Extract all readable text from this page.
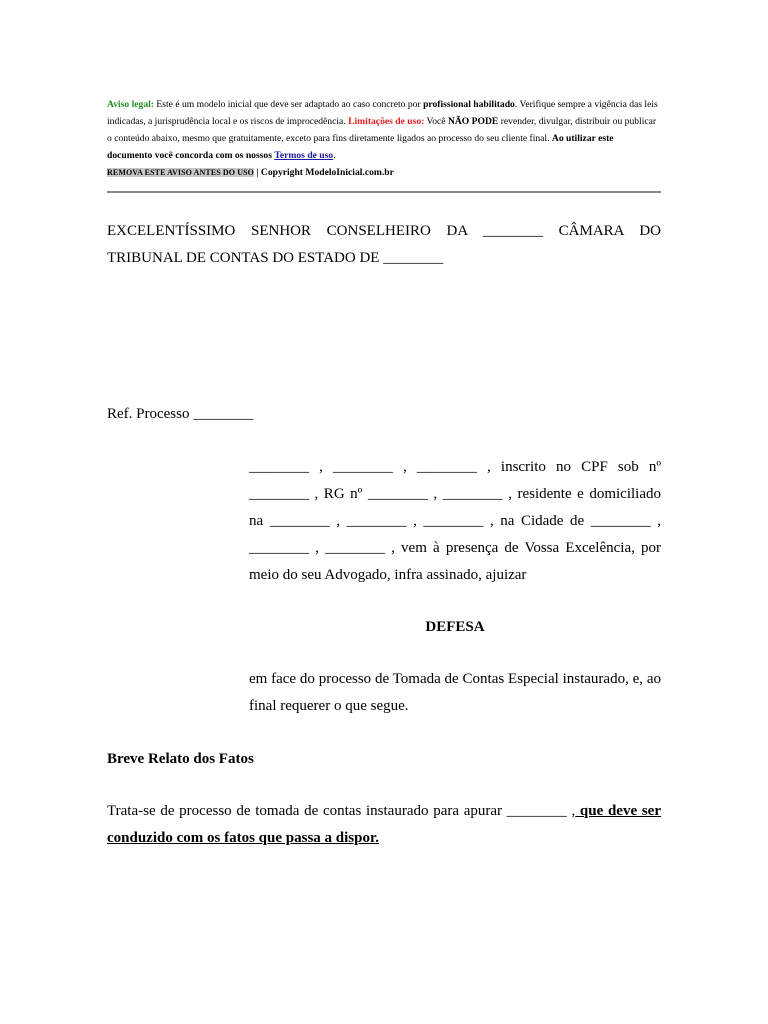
Aviso legal: Este é um modelo inicial que deve ser adaptado ao caso concreto por profissional habilitado. Verifique sempre a vigência das leis indicadas, a jurisprudência local e os riscos de improcedência. Limitações de uso: Você NÃO PODE revender, divulgar, distribuir ou publicar o conteúdo abaixo, mesmo que gratuitamente, exceto para fins diretamente ligados ao processo do seu cliente final. Ao utilizar este documento você concorda com os nossos Termos de uso.
REMOVA ESTE AVISO ANTES DO USO | Copyright ModeloInicial.com.br
EXCELENTÍSSIMO SENHOR CONSELHEIRO DA ________ CÂMARA DO TRIBUNAL DE CONTAS DO ESTADO DE ________
Ref. Processo ________
________ , ________ , ________ , inscrito no CPF sob nº ________ , RG nº ________ , ________ , residente e domiciliado na ________ , ________ , ________ , na Cidade de ________ , ________ , ________ , vem à presença de Vossa Excelência, por meio do seu Advogado, infra assinado, ajuizar
DEFESA
em face do processo de Tomada de Contas Especial instaurado, e, ao final requerer o que segue.
Breve Relato dos Fatos
Trata-se de processo de tomada de contas instaurado para apurar ________ , que deve ser conduzido com os fatos que passa a dispor.
